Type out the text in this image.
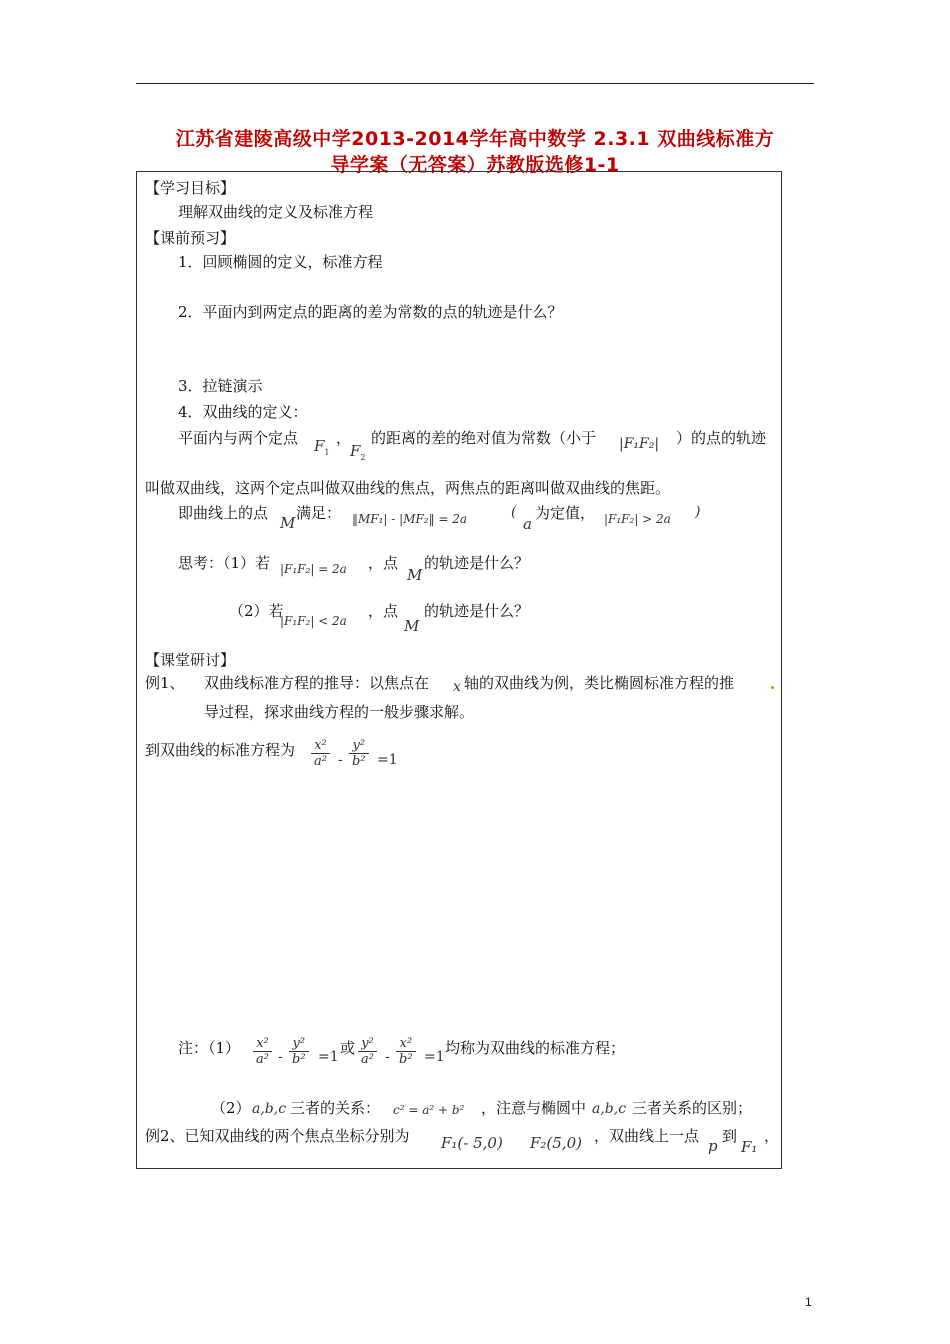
江苏省建陵高级中学2013-2014学年高中数学 2.3.1 双曲线标准方
导学案（无答案）苏教版选修1-1
【学习目标】
理解双曲线的定义及标准方程
【课前预习】
1．回顾椭圆的定义，标准方程
2．平面内到两定点的距离的差为常数的点的轨迹是什么？
3．拉链演示
4．双曲线的定义：
平面内与两个定点 $F_1$
，
$F_2$
的距离的差的绝对值为常数（小于 |F₁F₂| ）的点的轨迹
叫做双曲线，这两个定点叫做双曲线的焦点，两焦点的距离叫做双曲线的焦距。
即曲线上的点
M
满足： ‖MF₁| - |MF₂‖ = 2a	(
a
为定值， |F₁F₂| > 2a )
思考：（1）若 |F₁F₂| = 2a ，点
M
的轨迹是什么？
（2）若
|F₁F₂| < 2a
，点
M
的轨迹是什么？
【课堂研讨】
例1、 双曲线标准方程的推导：以焦点在 x 轴的双曲线为例，类比椭圆标准方程的推
导过程，探求曲线方程的一般步骤求解。
到双曲线的标准方程为 $\frac{\text{x²}}{\text{a²}} - \frac{\text{y²}}{\text{b²}} =1$
注：$(1) \frac{\text{x²}}{\text{a²}} - \frac{\text{y²}}{\text{b²}} =1$ 或 $\frac{\text{y²}}{\text{a²}} - \frac{\text{x²}}{\text{b²}} =1$ 均称为双曲线的标准方程；
（2） a,b,c 三者的关系： c² = a² + b² ，注意与椭圆中 a,b,c 三者关系的区别；
例2、已知双曲线的两个焦点坐标分别为 F₁(- 5,0) F₂(5,0) ，双曲线上一点
p
到
F₁
，
1
